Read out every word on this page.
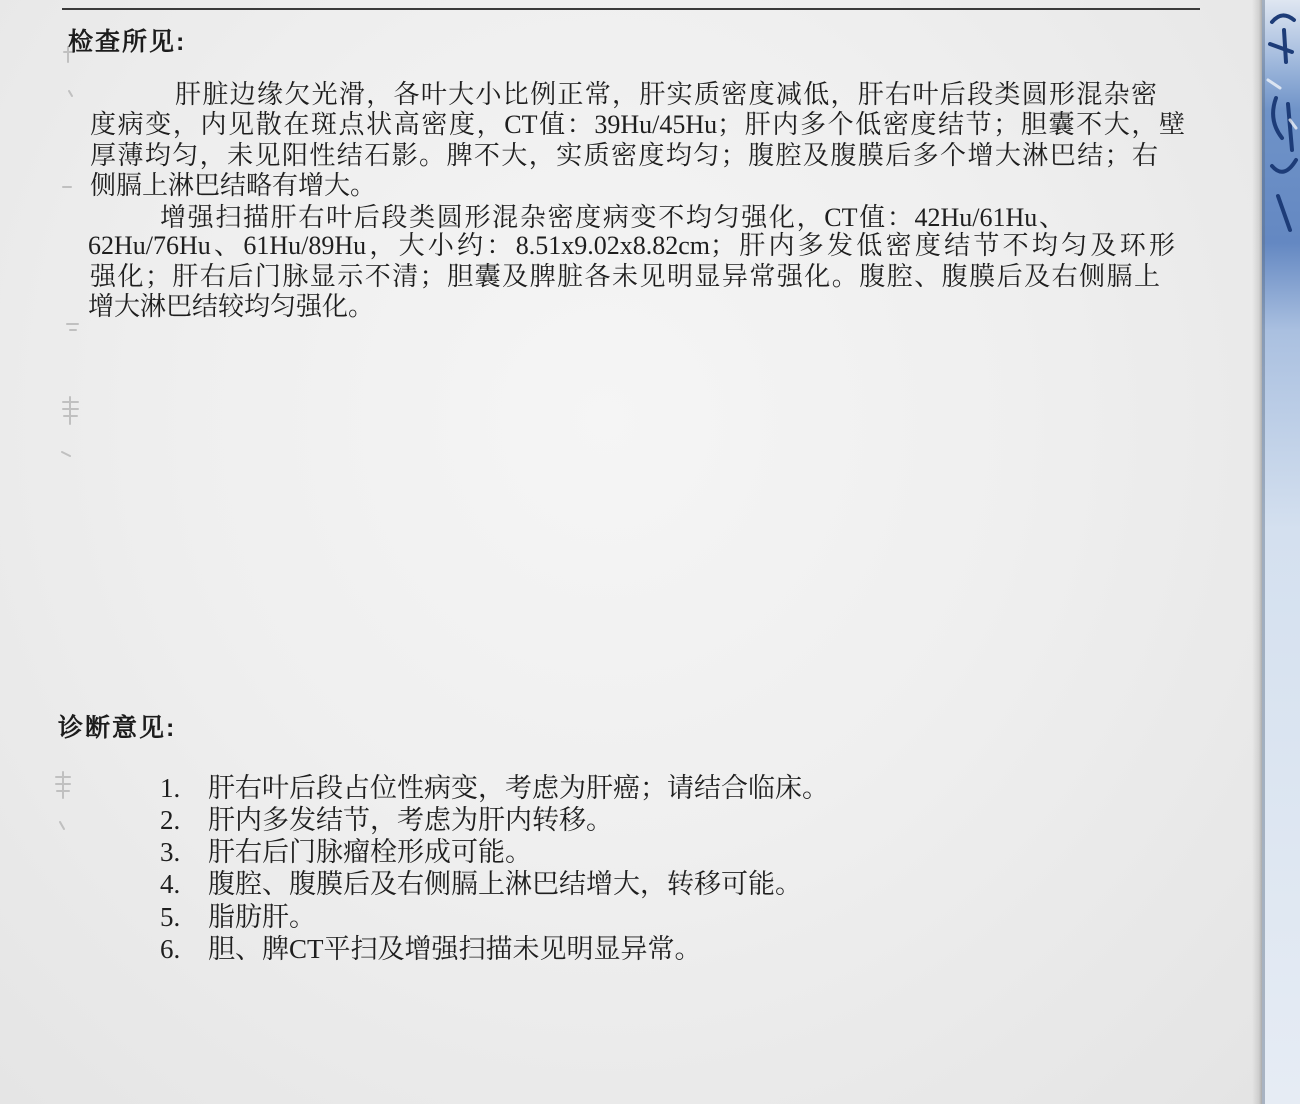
检查所见:
肝脏边缘欠光滑，各叶大小比例正常，肝实质密度减低，肝右叶后段类圆形混杂密
度病变，内见散在斑点状高密度，CT值：39Hu/45Hu；肝内多个低密度结节；胆囊不大，壁
厚薄均匀，未见阳性结石影。脾不大，实质密度均匀；腹腔及腹膜后多个增大淋巴结；右
侧膈上淋巴结略有增大。
增强扫描肝右叶后段类圆形混杂密度病变不均匀强化，CT值：42Hu/61Hu、
62Hu/76Hu、61Hu/89Hu，大小约：8.51x9.02x8.82cm；肝内多发低密度结节不均匀及环形
强化；肝右后门脉显示不清；胆囊及脾脏各未见明显异常强化。腹腔、腹膜后及右侧膈上
增大淋巴结较均匀强化。
诊断意见:
1.	肝右叶后段占位性病变，考虑为肝癌；请结合临床。
2.	肝内多发结节，考虑为肝内转移。
3.	肝右后门脉瘤栓形成可能。
4.	腹腔、腹膜后及右侧膈上淋巴结增大，转移可能。
5.	脂肪肝。
6.	胆、脾CT平扫及增强扫描未见明显异常。
